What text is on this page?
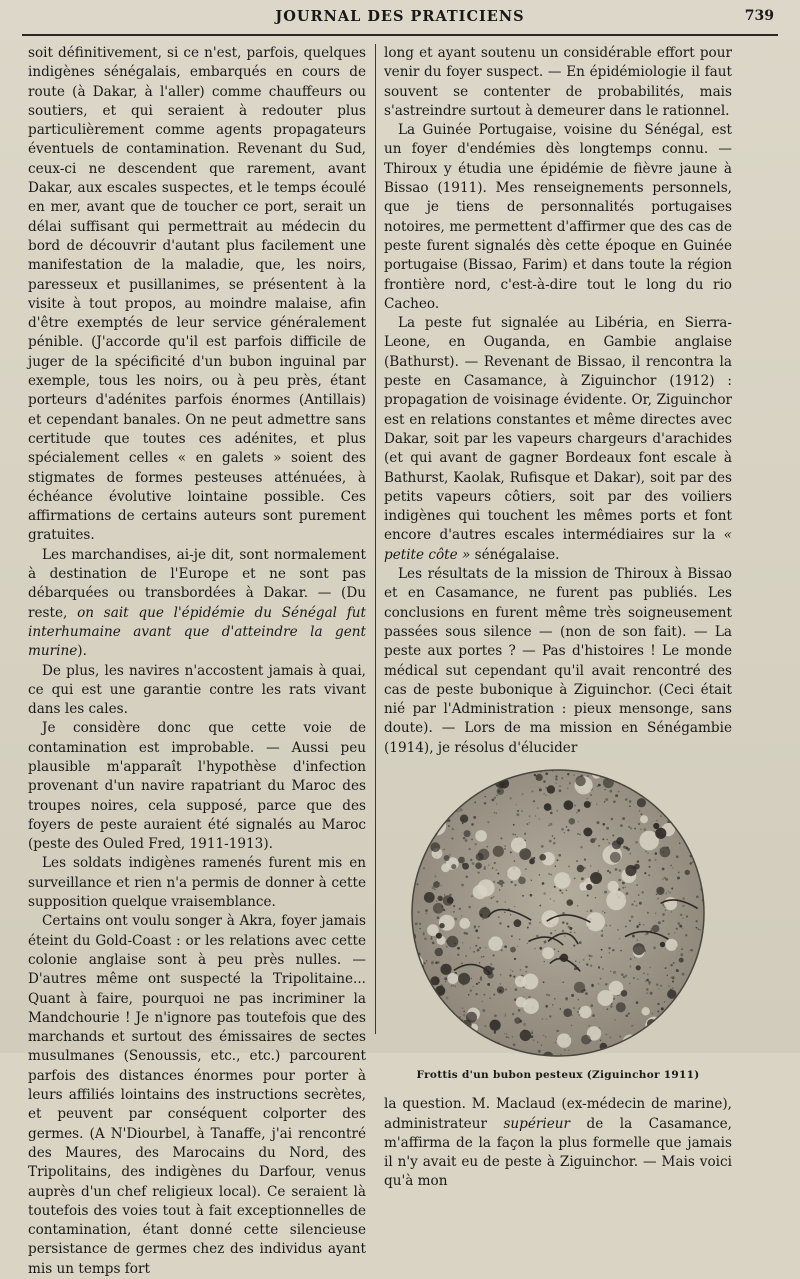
JOURNAL DES PRATICIENS	739

soit définitivement, si ce n'est, parfois, quelques indigènes sénégalais, embarqués en cours de route (à Dakar, à l'aller) comme chauffeurs ou soutiers, et qui seraient à redouter plus particulièrement comme agents propagateurs éventuels de contamination. Revenant du Sud, ceux-ci ne descendent que rarement, avant Dakar, aux escales suspectes, et le temps écoulé en mer, avant que de toucher ce port, serait un délai suffisant qui permettrait au médecin du bord de découvrir d'autant plus facilement une manifestation de la maladie, que, les noirs, paresseux et pusillanimes, se présentent à la visite à tout propos, au moindre malaise, afin d'être exemptés de leur service généralement pénible. (J'accorde qu'il est parfois difficile de juger de la spécificité d'un bubon inguinal par exemple, tous les noirs, ou à peu près, étant porteurs d'adénites parfois énormes (Antillais) et cependant banales. On ne peut admettre sans certitude que toutes ces adénites, et plus spécialement celles « en galets » soient des stigmates de formes pesteuses atténuées, à échéance évolutive lointaine possible. Ces affirmations de certains auteurs sont purement gratuites.

Les marchandises, ai-je dit, sont normalement à destination de l'Europe et ne sont pas débarquées ou transbordées à Dakar. — (Du reste, on sait que l'épidémie du Sénégal fut interhumaine avant que d'atteindre la gent murine).

De plus, les navires n'accostent jamais à quai, ce qui est une garantie contre les rats vivant dans les cales.

Je considère donc que cette voie de contamination est improbable. — Aussi peu plausible m'apparaît l'hypothèse d'infection provenant d'un navire rapatriant du Maroc des troupes noires, cela supposé, parce que des foyers de peste auraient été signalés au Maroc (peste des Ouled Fred, 1911-1913).

Les soldats indigènes ramenés furent mis en surveillance et rien n'a permis de donner à cette supposition quelque vraisemblance.

Certains ont voulu songer à Akra, foyer jamais éteint du Gold-Coast : or les relations avec cette colonie anglaise sont à peu près nulles. — D'autres même ont suspecté la Tripolitaine... Quant à faire, pourquoi ne pas incriminer la Mandchourie ! Je n'ignore pas toutefois que des marchands et surtout des émissaires de sectes musulmanes (Senoussis, etc., etc.) parcourent parfois des distances énormes pour porter à leurs affiliés lointains des instructions secrètes, et peuvent par conséquent colporter des germes. (A N'Diourbel, à Tanaffe, j'ai rencontré des Maures, des Marocains du Nord, des Tripolitains, des indigènes du Darfour, venus auprès d'un chef religieux local). Ce seraient là toutefois des voies tout à fait exceptionnelles de contamination, étant donné cette silencieuse persistance de germes chez des individus ayant mis un temps fort

long et ayant soutenu un considérable effort pour venir du foyer suspect. — En épidémiologie il faut souvent se contenter de probabilités, mais s'astreindre surtout à demeurer dans le rationnel.

La Guinée Portugaise, voisine du Sénégal, est un foyer d'endémies dès longtemps connu. — Thiroux y étudia une épidémie de fièvre jaune à Bissao (1911). Mes renseignements personnels, que je tiens de personnalités portugaises notoires, me permettent d'affirmer que des cas de peste furent signalés dès cette époque en Guinée portugaise (Bissao, Farim) et dans toute la région frontière nord, c'est-à-dire tout le long du rio Cacheo.

La peste fut signalée au Libéria, en Sierra-Leone, en Ouganda, en Gambie anglaise (Bathurst). — Revenant de Bissao, il rencontra la peste en Casamance, à Ziguinchor (1912) : propagation de voisinage évidente. Or, Ziguinchor est en relations constantes et même directes avec Dakar, soit par les vapeurs chargeurs d'arachides (et qui avant de gagner Bordeaux font escale à Bathurst, Kaolak, Rufisque et Dakar), soit par des petits vapeurs côtiers, soit par des voiliers indigènes qui touchent les mêmes ports et font encore d'autres escales intermédiaires sur la « petite côte » sénégalaise.

Les résultats de la mission de Thiroux à Bissao et en Casamance, ne furent pas publiés. Les conclusions en furent même très soigneusement passées sous silence — (non de son fait). — La peste aux portes ? — Pas d'histoires ! Le monde médical sut cependant qu'il avait rencontré des cas de peste bubonique à Ziguinchor. (Ceci était nié par l'Administration : pieux mensonge, sans doute). — Lors de ma mission en Sénégambie (1914), je résolus d'élucider

Frottis d'un bubon pesteux (Ziguinchor 1911)

la question. M. Maclaud (ex-médecin de marine), administrateur supérieur de la Casamance, m'affirma de la façon la plus formelle que jamais il n'y avait eu de peste à Ziguinchor. — Mais voici qu'à mon
